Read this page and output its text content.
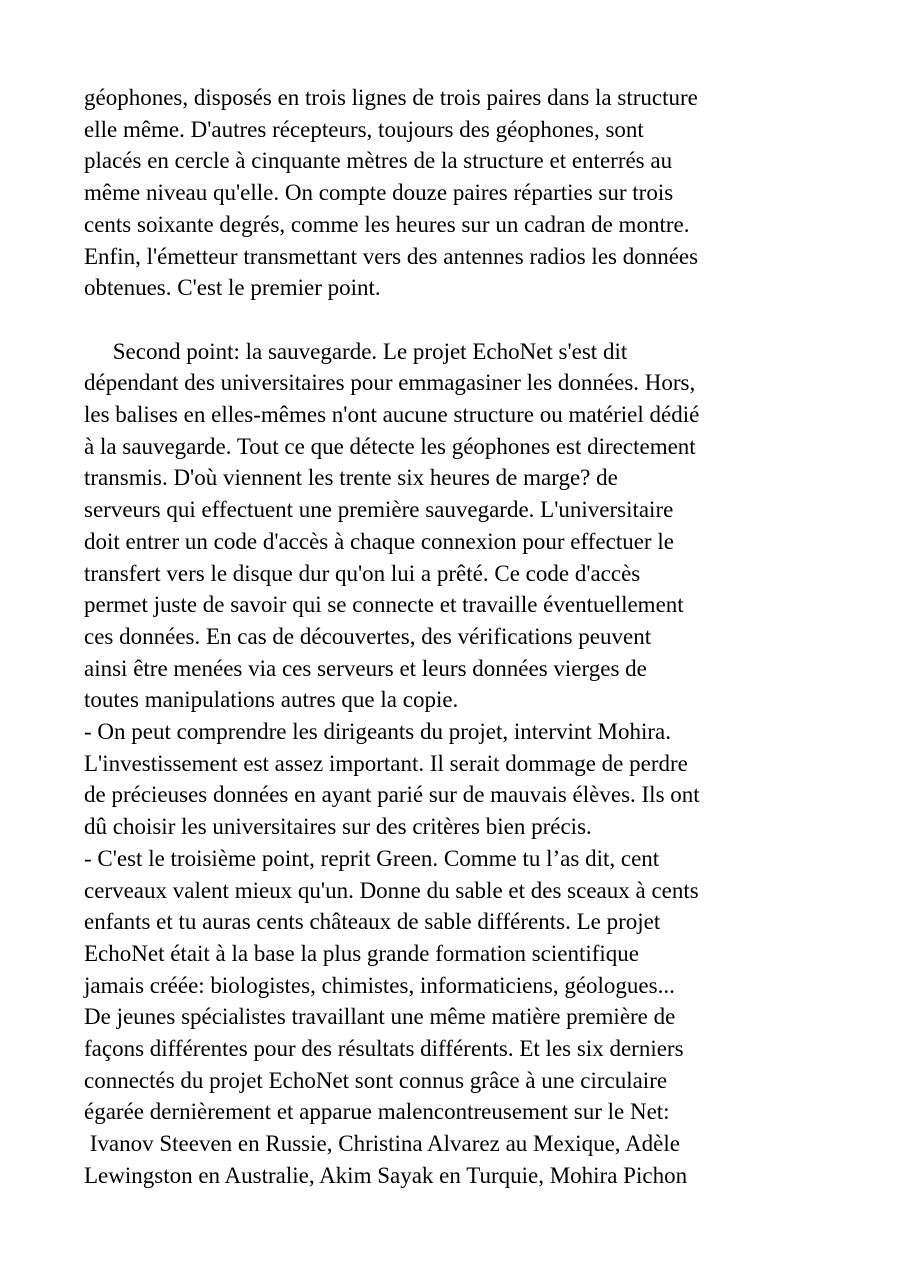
géophones, disposés en trois lignes de trois paires dans la structure
elle même. D'autres récepteurs, toujours des géophones, sont
placés en cercle à cinquante mètres de la structure et enterrés au
même niveau qu'elle. On compte douze paires réparties sur trois
cents soixante degrés, comme les heures sur un cadran de montre.
Enfin, l'émetteur transmettant vers des antennes radios les données
obtenues. C'est le premier point.
Second point: la sauvegarde. Le projet EchoNet s'est dit
dépendant des universitaires pour emmagasiner les données. Hors,
les balises en elles-mêmes n'ont aucune structure ou matériel dédié
à la sauvegarde. Tout ce que détecte les géophones est directement
transmis. D'où viennent les trente six heures de marge? de
serveurs qui effectuent une première sauvegarde. L'universitaire
doit entrer un code d'accès à chaque connexion pour effectuer le
transfert vers le disque dur qu'on lui a prêté. Ce code d'accès
permet juste de savoir qui se connecte et travaille éventuellement
ces données. En cas de découvertes, des vérifications peuvent
ainsi être menées via ces serveurs et leurs données vierges de
toutes manipulations autres que la copie.
- On peut comprendre les dirigeants du projet, intervint Mohira.
L'investissement est assez important. Il serait dommage de perdre
de précieuses données en ayant parié sur de mauvais élèves. Ils ont
dû choisir les universitaires sur des critères bien précis.
- C'est le troisième point, reprit Green. Comme tu l’as dit, cent
cerveaux valent mieux qu'un. Donne du sable et des sceaux à cents
enfants et tu auras cents châteaux de sable différents. Le projet
EchoNet était à la base la plus grande formation scientifique
jamais créée: biologistes, chimistes, informaticiens, géologues...
De jeunes spécialistes travaillant une même matière première de
façons différentes pour des résultats différents. Et les six derniers
connectés du projet EchoNet sont connus grâce à une circulaire
égarée dernièrement et apparue malencontreusement sur le Net:
Ivanov Steeven en Russie, Christina Alvarez au Mexique, Adèle
Lewingston en Australie, Akim Sayak en Turquie, Mohira Pichon
